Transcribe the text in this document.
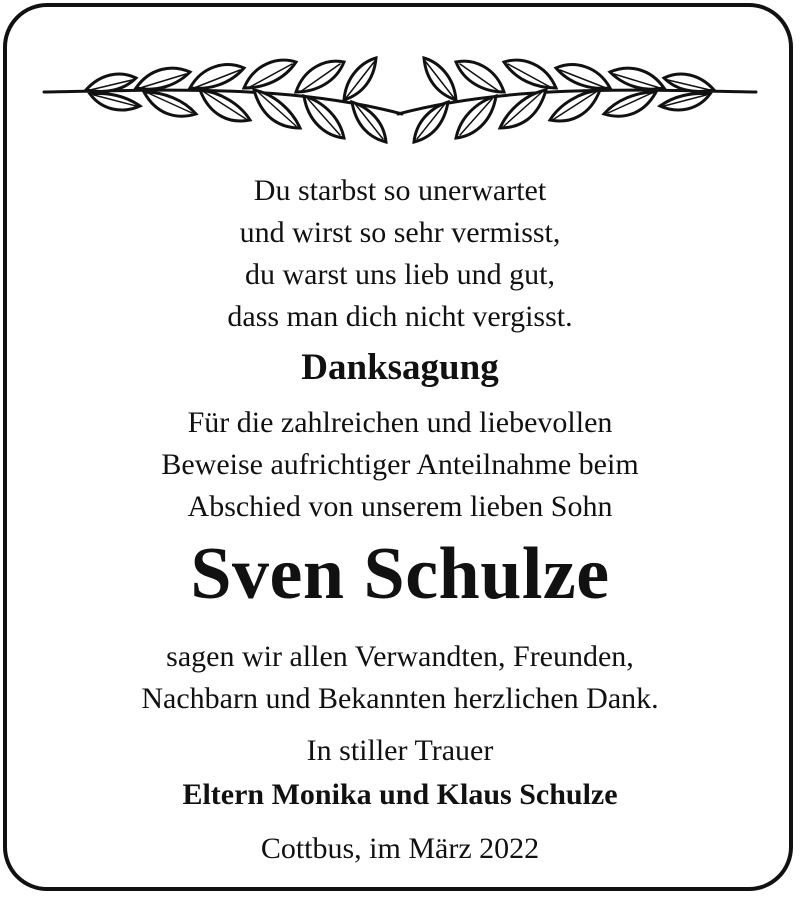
Du starbst so unerwartet
und wirst so sehr vermisst,
du warst uns lieb und gut,
dass man dich nicht vergisst.
Danksagung
Für die zahlreichen und liebevollen
Beweise aufrichtiger Anteilnahme beim
Abschied von unserem lieben Sohn
Sven Schulze
sagen wir allen Verwandten, Freunden,
Nachbarn und Bekannten herzlichen Dank.
In stiller Trauer
Eltern Monika und Klaus Schulze
Cottbus, im März 2022
